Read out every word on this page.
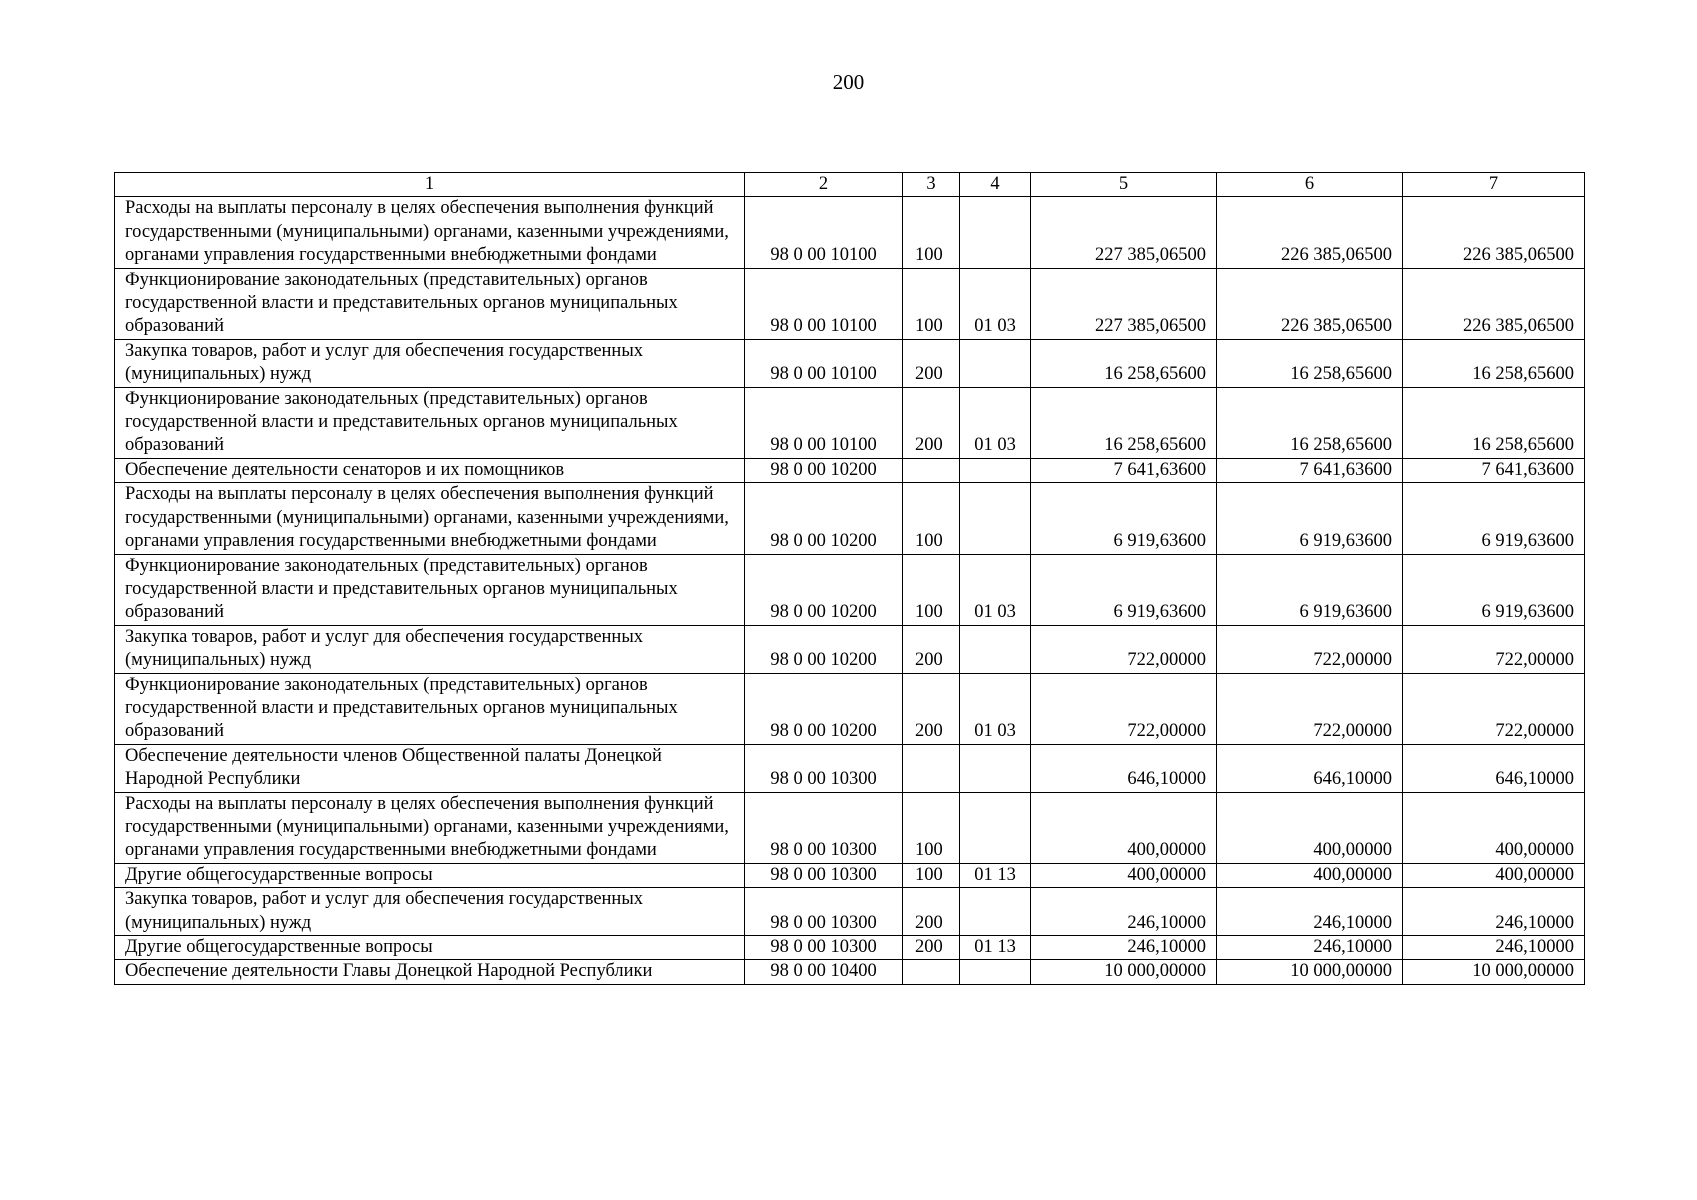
200
1	2	3	4	5	6	7
Расходы на выплаты персоналу в целях обеспечения выполнения функций государственными (муниципальными) органами, казенными учреждениями, органами управления государственными внебюджетными фондами	98 0 00 10100	100		227 385,06500	226 385,06500	226 385,06500
Функционирование законодательных (представительных) органов государственной власти и представительных органов муниципальных образований	98 0 00 10100	100	01 03	227 385,06500	226 385,06500	226 385,06500
Закупка товаров, работ и услуг для обеспечения государственных (муниципальных) нужд	98 0 00 10100	200		16 258,65600	16 258,65600	16 258,65600
Функционирование законодательных (представительных) органов государственной власти и представительных органов муниципальных образований	98 0 00 10100	200	01 03	16 258,65600	16 258,65600	16 258,65600
Обеспечение деятельности сенаторов и их помощников	98 0 00 10200			7 641,63600	7 641,63600	7 641,63600
Расходы на выплаты персоналу в целях обеспечения выполнения функций государственными (муниципальными) органами, казенными учреждениями, органами управления государственными внебюджетными фондами	98 0 00 10200	100		6 919,63600	6 919,63600	6 919,63600
Функционирование законодательных (представительных) органов государственной власти и представительных органов муниципальных образований	98 0 00 10200	100	01 03	6 919,63600	6 919,63600	6 919,63600
Закупка товаров, работ и услуг для обеспечения государственных (муниципальных) нужд	98 0 00 10200	200		722,00000	722,00000	722,00000
Функционирование законодательных (представительных) органов государственной власти и представительных органов муниципальных образований	98 0 00 10200	200	01 03	722,00000	722,00000	722,00000
Обеспечение деятельности членов Общественной палаты Донецкой Народной Республики	98 0 00 10300			646,10000	646,10000	646,10000
Расходы на выплаты персоналу в целях обеспечения выполнения функций государственными (муниципальными) органами, казенными учреждениями, органами управления государственными внебюджетными фондами	98 0 00 10300	100		400,00000	400,00000	400,00000
Другие общегосударственные вопросы	98 0 00 10300	100	01 13	400,00000	400,00000	400,00000
Закупка товаров, работ и услуг для обеспечения государственных (муниципальных) нужд	98 0 00 10300	200		246,10000	246,10000	246,10000
Другие общегосударственные вопросы	98 0 00 10300	200	01 13	246,10000	246,10000	246,10000
Обеспечение деятельности Главы Донецкой Народной Республики	98 0 00 10400			10 000,00000	10 000,00000	10 000,00000
